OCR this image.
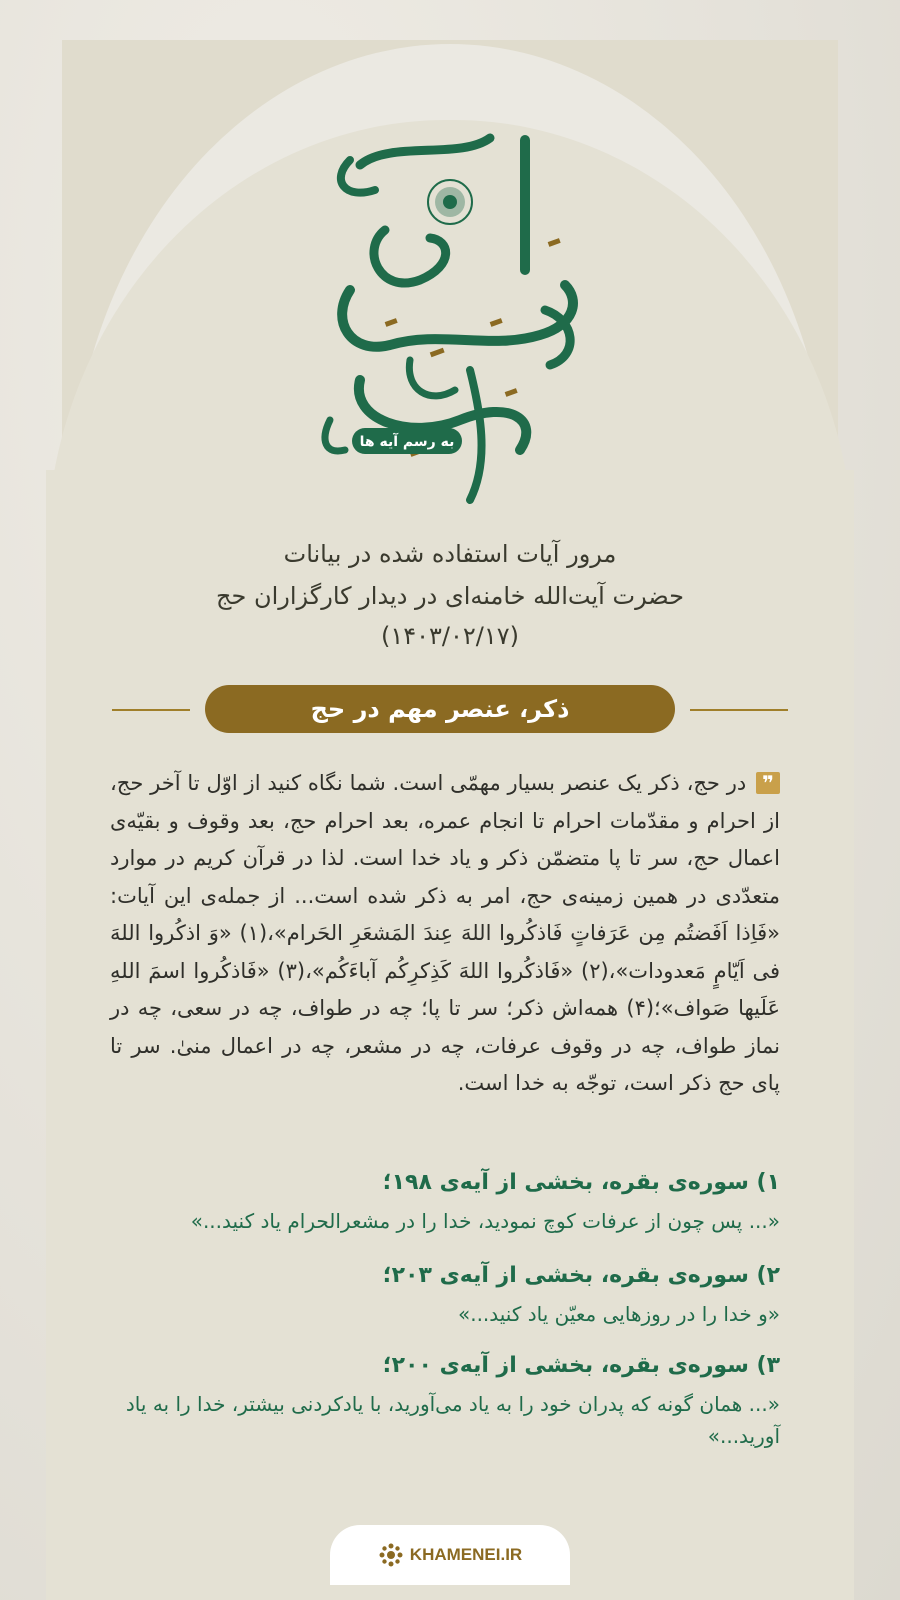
به رسم آیه ها
مرور آیات استفاده شده در بیانات
حضرت آیت‌الله خامنه‌ای در دیدار کارگزاران حج
(۱۴۰۳/۰۲/۱۷)
ذکر، عنصر مهم در حج
❞در حج، ذکر یک عنصر بسیار مهمّی است. شما نگاه کنید از اوّل تا آخر حج، از احرام و مقدّمات احرام تا انجام عمره، بعد احرام حج، بعد وقوف و بقیّه‌ی اعمال حج، سر تا پا متضمّن ذکر و یاد خدا است. لذا در قرآن کریم در موارد متعدّدی در همین زمینه‌ی حج، امر به ذکر شده است... از جمله‌ی این آیات: «فَاِذا اَفَضتُم مِن عَرَفاتٍ فَاذكُروا اللهَ عِندَ المَشعَرِ الحَرام»،(۱) «وَ اذكُروا اللهَ فى اَيّامٍ مَعدودات»،(۲) «فَاذكُروا اللهَ كَذِكرِكُم آباءَكُم»،(۳) «فَاذكُروا اسمَ اللهِ عَلَيها صَواف»؛(۴) همه‌اش ذکر؛ سر تا پا؛ چه در طواف، چه در سعی، چه در نماز طواف، چه در وقوف عرفات، چه در مشعر، چه در اعمال منیٰ. سر تا پای حج ذکر است، توجّه به خدا است.
۱) سوره‌ی بقره، بخشی از آیه‌ی ۱۹۸؛
«... پس چون از عرفات کوچ نمودید، خدا را در مشعرالحرام یاد کنید...»
۲) سوره‌ی بقره، بخشی از آیه‌ی ۲۰۳؛
«و خدا را در روزهایی معیّن یاد کنید...»
۳) سوره‌ی بقره، بخشی از آیه‌ی ۲۰۰؛
«... همان گونه که پدران خود را به یاد می‌آورید، با یادکردنی بیشتر، خدا را به یاد آورید...»
KHAMENEI.IR
